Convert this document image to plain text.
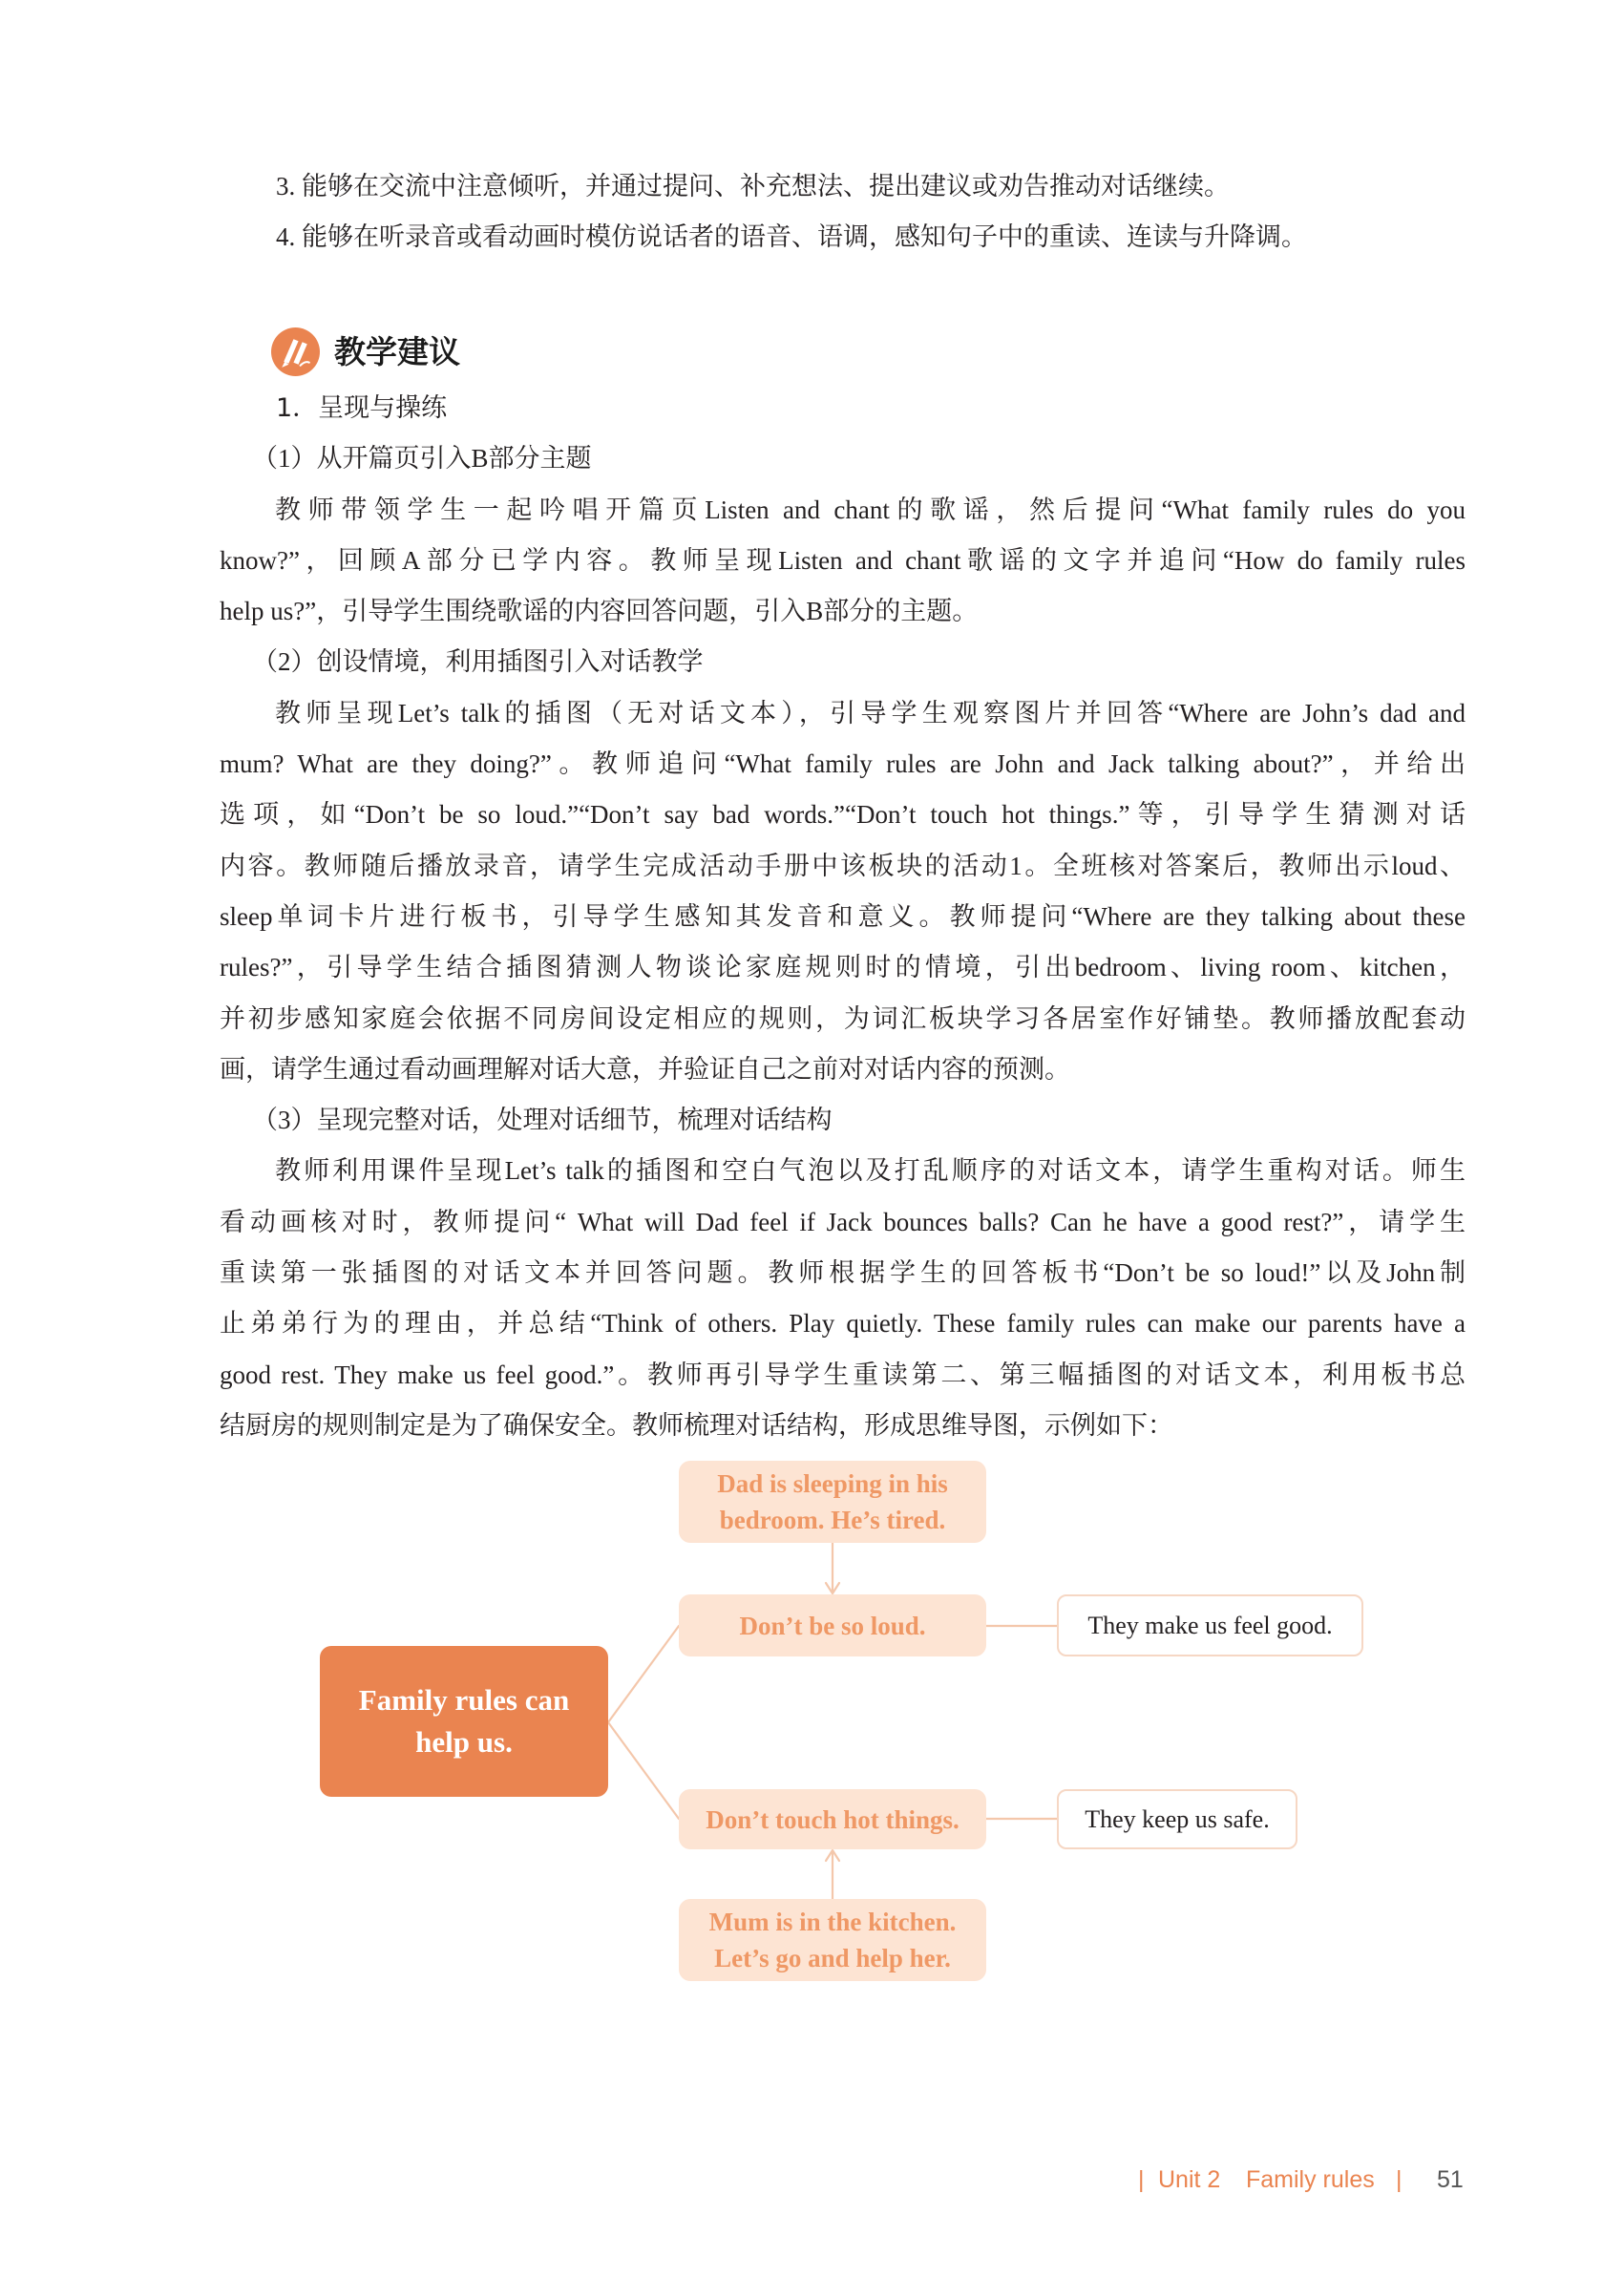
3. 能够在交流中注意倾听，并通过提问、补充想法、提出建议或劝告推动对话继续。
4. 能够在听录音或看动画时模仿说话者的语音、语调，感知句子中的重读、连读与升降调。
教学建议
1．呈现与操练
（1）从开篇页引入B部分主题
教师带领学生一起吟唱开篇页Listen and chant的歌谣，然后提问“What family rules do you
know?”，回顾A部分已学内容。教师呈现Listen and chant歌谣的文字并追问“How do family rules
help us?”，引导学生围绕歌谣的内容回答问题，引入B部分的主题。
（2）创设情境，利用插图引入对话教学
教师呈现Let’s talk的插图（无对话文本），引导学生观察图片并回答“Where are John’s dad and
mum? What are they doing?”。教师追问“What family rules are John and Jack talking about?”，并给出
选项，如“Don’t be so loud.”“Don’t say bad words.”“Don’t touch hot things.”等，引导学生猜测对话
内容。教师随后播放录音，请学生完成活动手册中该板块的活动1。全班核对答案后，教师出示loud、
sleep单词卡片进行板书，引导学生感知其发音和意义。教师提问“Where are they talking about these
rules?”，引导学生结合插图猜测人物谈论家庭规则时的情境，引出bedroom、living room、kitchen，
并初步感知家庭会依据不同房间设定相应的规则，为词汇板块学习各居室作好铺垫。教师播放配套动
画，请学生通过看动画理解对话大意，并验证自己之前对对话内容的预测。
（3）呈现完整对话，处理对话细节，梳理对话结构
教师利用课件呈现Let’s talk的插图和空白气泡以及打乱顺序的对话文本，请学生重构对话。师生
看动画核对时，教师提问“ What will Dad feel if Jack bounces balls? Can he have a good rest?”，请学生
重读第一张插图的对话文本并回答问题。教师根据学生的回答板书“Don’t be so loud!”以及John制
止弟弟行为的理由，并总结“Think of others. Play quietly. These family rules can make our parents have a
good rest. They make us feel good.”。教师再引导学生重读第二、第三幅插图的对话文本，利用板书总
结厨房的规则制定是为了确保安全。教师梳理对话结构，形成思维导图，示例如下：
Dad is sleeping in his
bedroom. He’s tired.
Don’t be so loud.	They make us feel good.
Family rules can
help us.
Don’t touch hot things.	They keep us safe.
Mum is in the kitchen.
Let’s go and help her.
| Unit 2 Family rules | 51
